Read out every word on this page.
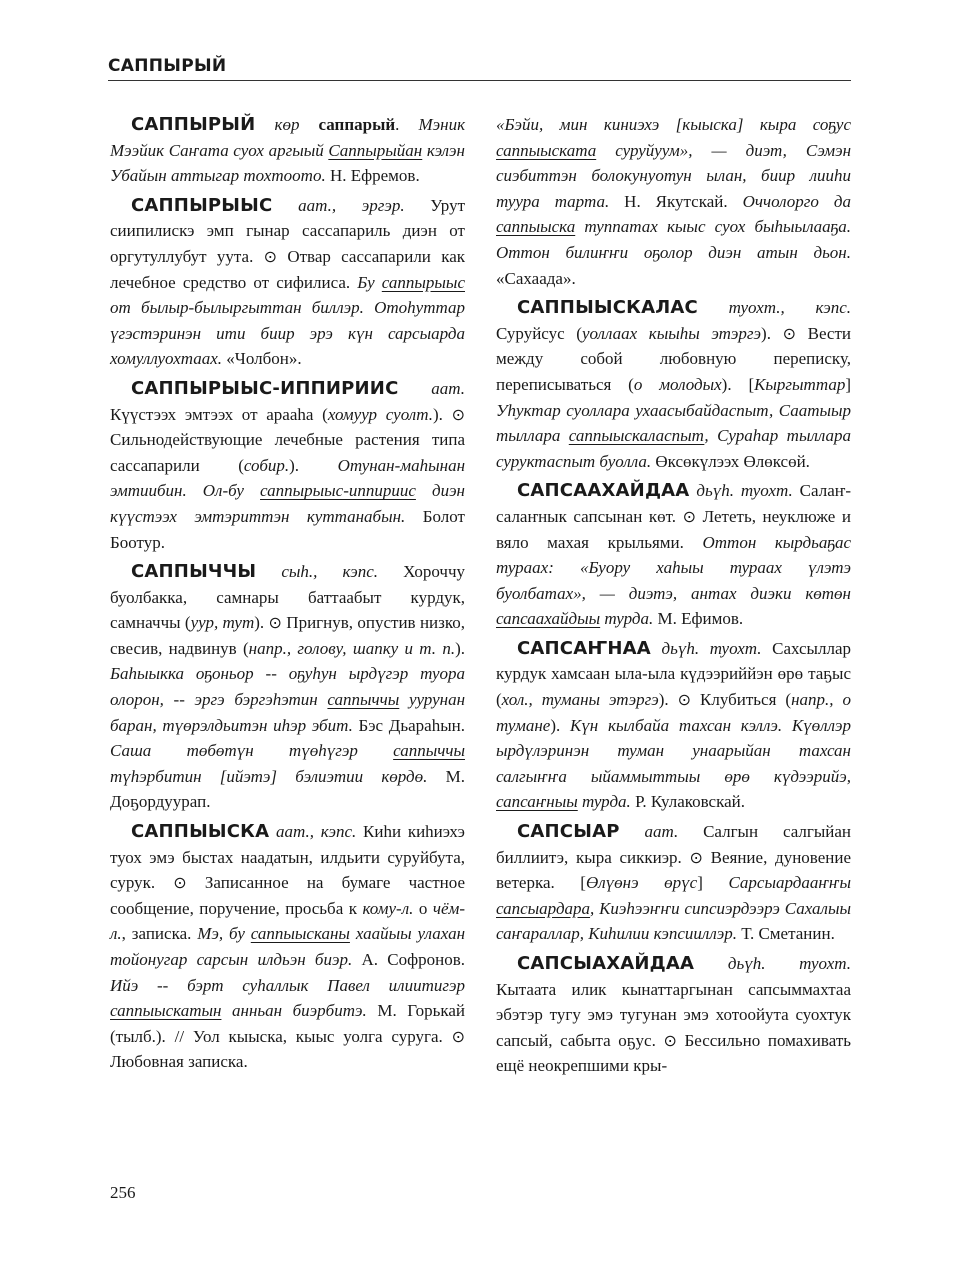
САППЫРЫЙ

САППЫРЫЙ көр саппарый. Мэник Мээйик Саҥата суох аргыый Саппырыйан кэлэн Убайын аттыгар тохтоото. Н. Ефремов.

САППЫРЫЫС аат., эргэр. Урут сиипилискэ эмп гынар сассапариль диэн от оргутуллубут уута. ⊙ Отвар сассапарили как лечебное средство от сифилиса. Бу саппырыыс от былыр-былыргыттан биллэр. Отоһуттар үгэстэринэн ити биир эрэ күн сарсыарда хомуллуохтаах. «Чолбон».

САППЫРЫЫС-ИППИРИИС аат. Күүстээх эмтээх от арааһа (хомуур суолт.). ⊙ Сильнодействующие лечебные растения типа сассапарили (собир.). Отунан-маһынан эмтиибин. Ол-бу саппырыыс-иппириис диэн күүстээх эмтэриттэн куттанабын. Болот Боотур.

САППЫЧЧЫ сыһ., кэпс. Хороччу буолбакка, самнары баттаабыт курдук, самначчы (уур, тут). ⊙ Пригнув, опустив низко, свесив, надвинув (напр., голову, шапку и т. п.). Баһыыкка оҕоньор -- оҕуһун ырдүгэр туора олорон, -- эргэ бэргэһэтин саппыччы уурунан баран, түөрэлдьитэн иһэр эбит. Бэс Дьараһын. Саша төбөтүн түөһүгэр саппыччы түһэрбитин [ийэтэ] бэлиэтии көрдө. М. Доҕордуурап.

САППЫЫСКА аат., кэпс. Киһи киһиэхэ туох эмэ быстах наадатын, илдьити суруйбута, сурук. ⊙ Записанное на бумаге частное сообщение, поручение, просьба к кому-л. о чём-л., записка. Мэ, бу саппыысканы хаайыы улахан тойонугар сарсын илдьэн биэр. А. Софронов. Ийэ -- бэрт суһаллык Павел илиитигэр саппыыскатын анньан биэрбитэ. М. Горькай (тылб.). // Уол кыыска, кыыс уолга суруга. ⊙ Любовная записка.

«Бэйи, мин киниэхэ [кыыска] кыра соҕус саппыыската суруйуум», — диэт, Сэмэн сиэбиттэн болокунуотун ылан, биир лииһи туура тарта. Н. Якутскай. Оччолорго да саппыыска туппатах кыыс суох быһыылааҕа. Оттон билиҥҥи оҕолор диэн атын дьон. «Сахаада».

САППЫЫСКАЛАС туохт., кэпс. Суруйсус (уоллаах кыыһы этэргэ). ⊙ Вести между собой любовную переписку, переписываться (о молодых). [Кыргыттар] Уһуктар суоллара ухаасыбайдаспыт, Саатыыр тыллара саппыыскаласпыт, Сураһар тыллара суруктаспыт буолла. Өксөкүлээх Өлөксөй.

САПСААХАЙДАА дьүһ. туохт. Салаҥ-салаҥнык сапсынан көт. ⊙ Лететь, неуклюже и вяло махая крыльями. Оттон кырдьаҕас тураах: «Буору хаһыы тураах үлэтэ буолбатах», — диэтэ, антах диэки көтөн сапсаахайдыы турда. М. Ефимов.

САПСАҤНАА дьүһ. туохт. Сахсыллар курдук хамсаан ыла-ыла күдээриййэн өрө таҕыс (хол., туманы этэргэ). ⊙ Клубиться (напр., о тумане). Күн кылбайа тахсан кэллэ. Күөллэр ырдүлэринэн туман унаарыйан тахсан салгыҥҥа ыйаммыттыы өрө күдээрийэ, сапсаҥныы турда. Р. Кулаковскай.

САПСЫАР аат. Салгын салгыйан биллиитэ, кыра сиккиэр. ⊙ Веяние, дуновение ветерка. [Өлүөнэ өрүс] Сарсыардааҥҥы сапсыардара, Киэһээҥҥи сипсиэрдээрэ Сахалыы саҥараллар, Киһилии кэпсииллэр. Т. Сметанин.

САПСЫАХАЙДАА дьүһ. туохт. Кытаата илик кынаттаргынан сапсыммахтаа эбэтэр тугу эмэ тугунан эмэ хотоойута суохтук сапсый, сабыта оҕус. ⊙ Бессильно помахивать ещё неокрепшими кры-

256
